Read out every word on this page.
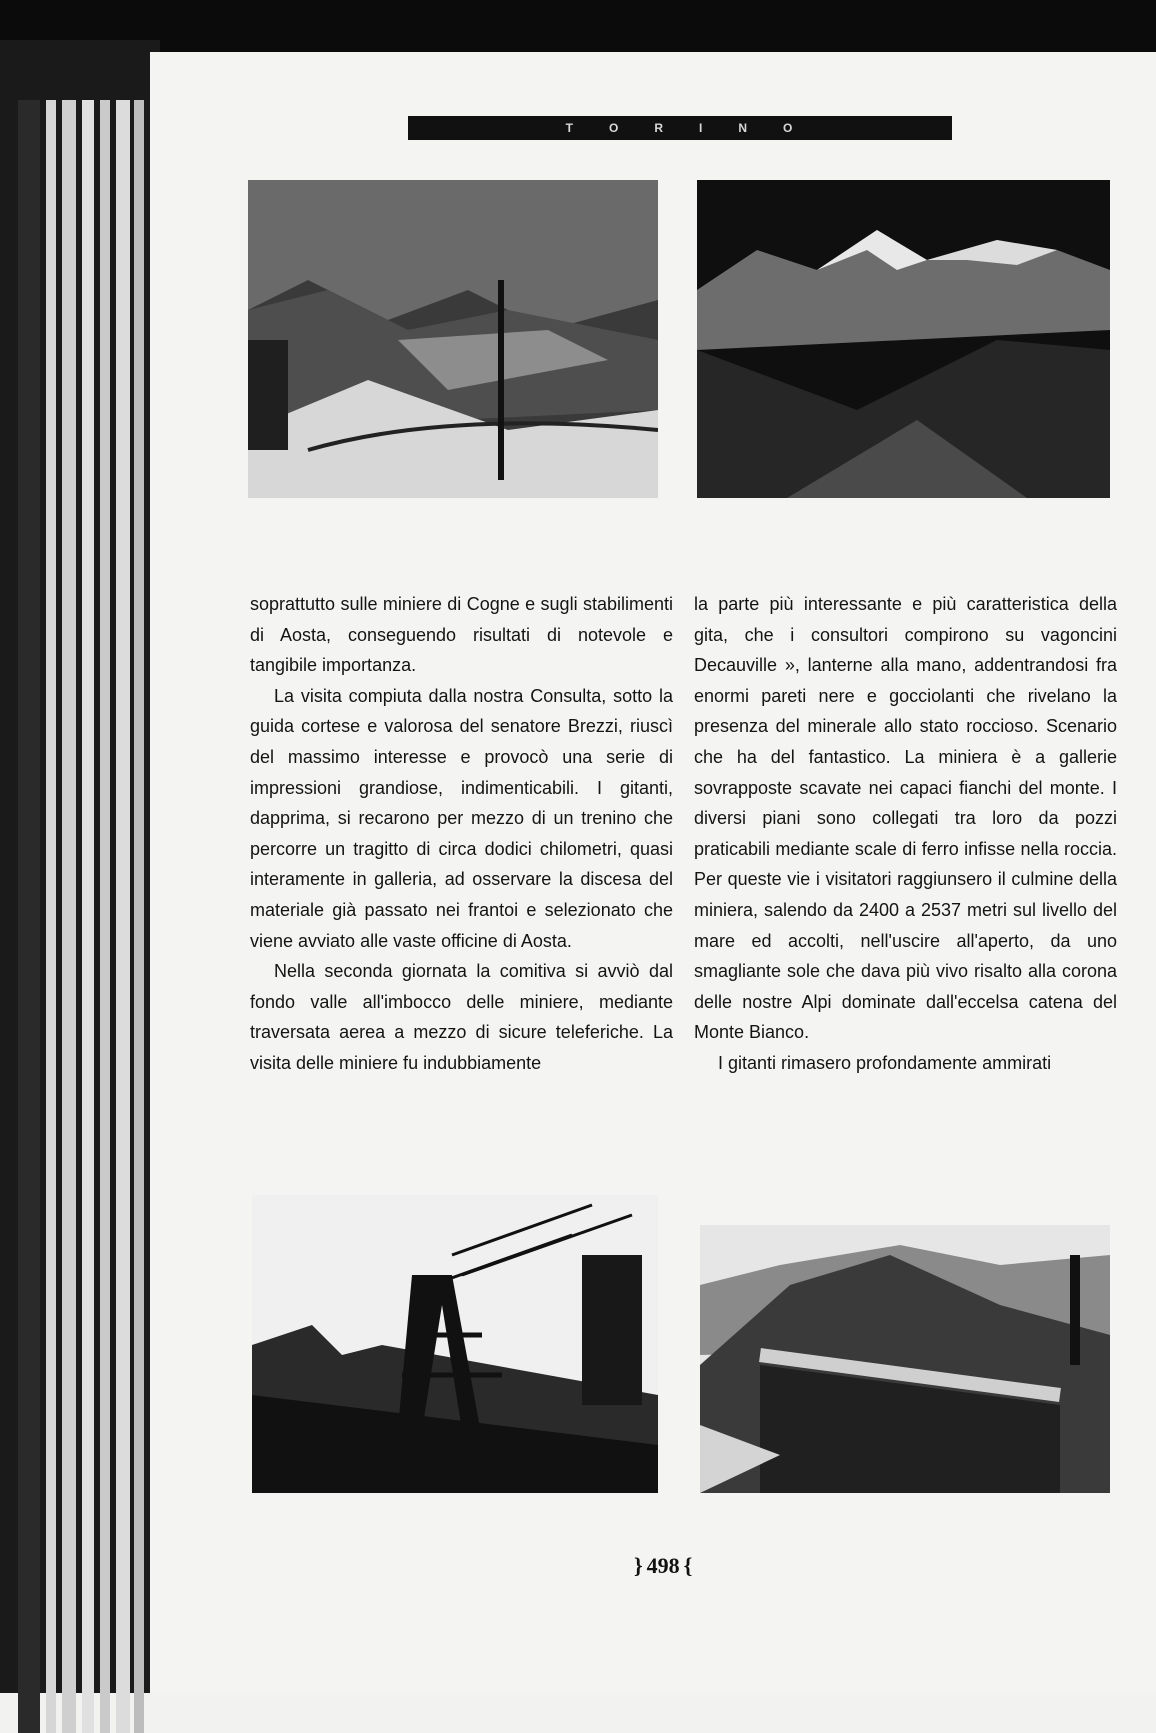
T	O	R	I	N	O

soprattutto sulle miniere di Cogne e sugli stabilimenti di Aosta, conseguendo risultati di notevole e tangibile importanza.

La visita compiuta dalla nostra Consulta, sotto la guida cortese e valorosa del senatore Brezzi, riuscì del massimo interesse e provocò una serie di impressioni grandiose, indimenticabili. I gitanti, dapprima, si recarono per mezzo di un trenino che percorre un tragitto di circa dodici chilometri, quasi interamente in galleria, ad osservare la discesa del materiale già passato nei frantoi e selezionato che viene avviato alle vaste officine di Aosta.

Nella seconda giornata la comitiva si avviò dal fondo valle all'imbocco delle miniere, mediante traversata aerea a mezzo di sicure teleferiche. La visita delle miniere fu indubbiamente

la parte più interessante e più caratteristica della gita, che i consultori compirono su vagoncini Decauville », lanterne alla mano, addentrandosi fra enormi pareti nere e gocciolanti che rivelano la presenza del minerale allo stato roccioso. Scenario che ha del fantastico. La miniera è a gallerie sovrapposte scavate nei capaci fianchi del monte. I diversi piani sono collegati tra loro da pozzi praticabili mediante scale di ferro infisse nella roccia. Per queste vie i visitatori raggiunsero il culmine della miniera, salendo da 2400 a 2537 metri sul livello del mare ed accolti, nell'uscire all'aperto, da uno smagliante sole che dava più vivo risalto alla corona delle nostre Alpi dominate dall'eccelsa catena del Monte Bianco.

I gitanti rimasero profondamente ammirati

} 498 {
